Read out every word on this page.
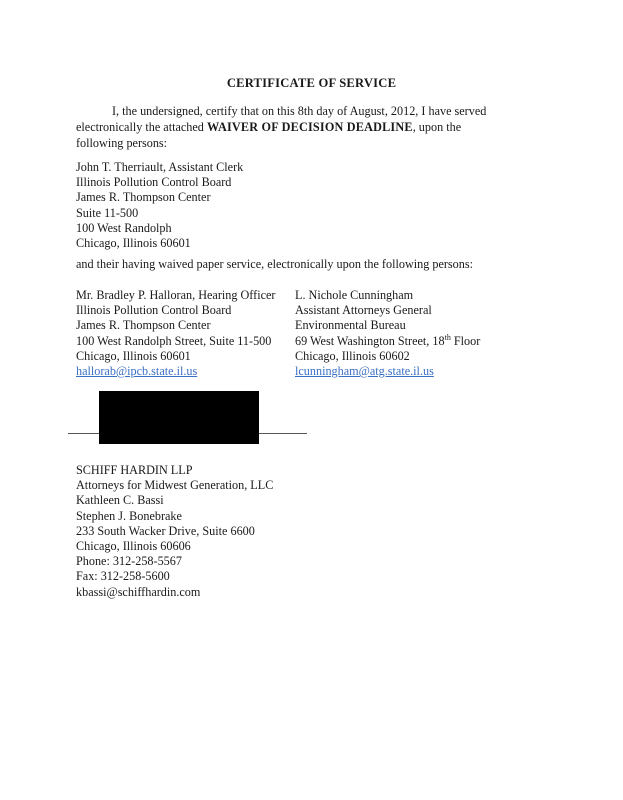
CERTIFICATE OF SERVICE
I, the undersigned, certify that on this 8th day of August, 2012, I have served electronically the attached WAIVER OF DECISION DEADLINE, upon the following persons:
John T. Therriault, Assistant Clerk
Illinois Pollution Control Board
James R. Thompson Center
Suite 11-500
100 West Randolph
Chicago, Illinois 60601
and their having waived paper service, electronically upon the following persons:
Mr. Bradley P. Halloran, Hearing Officer
Illinois Pollution Control Board
James R. Thompson Center
100 West Randolph Street, Suite 11-500
Chicago, Illinois 60601
hallorab@ipcb.state.il.us
L. Nichole Cunningham
Assistant Attorneys General
Environmental Bureau
69 West Washington Street, 18th Floor
Chicago, Illinois 60602
lcunningham@atg.state.il.us
SCHIFF HARDIN LLP
Attorneys for Midwest Generation, LLC
Kathleen C. Bassi
Stephen J. Bonebrake
233 South Wacker Drive, Suite 6600
Chicago, Illinois 60606
Phone: 312-258-5567
Fax: 312-258-5600
kbassi@schiffhardin.com
